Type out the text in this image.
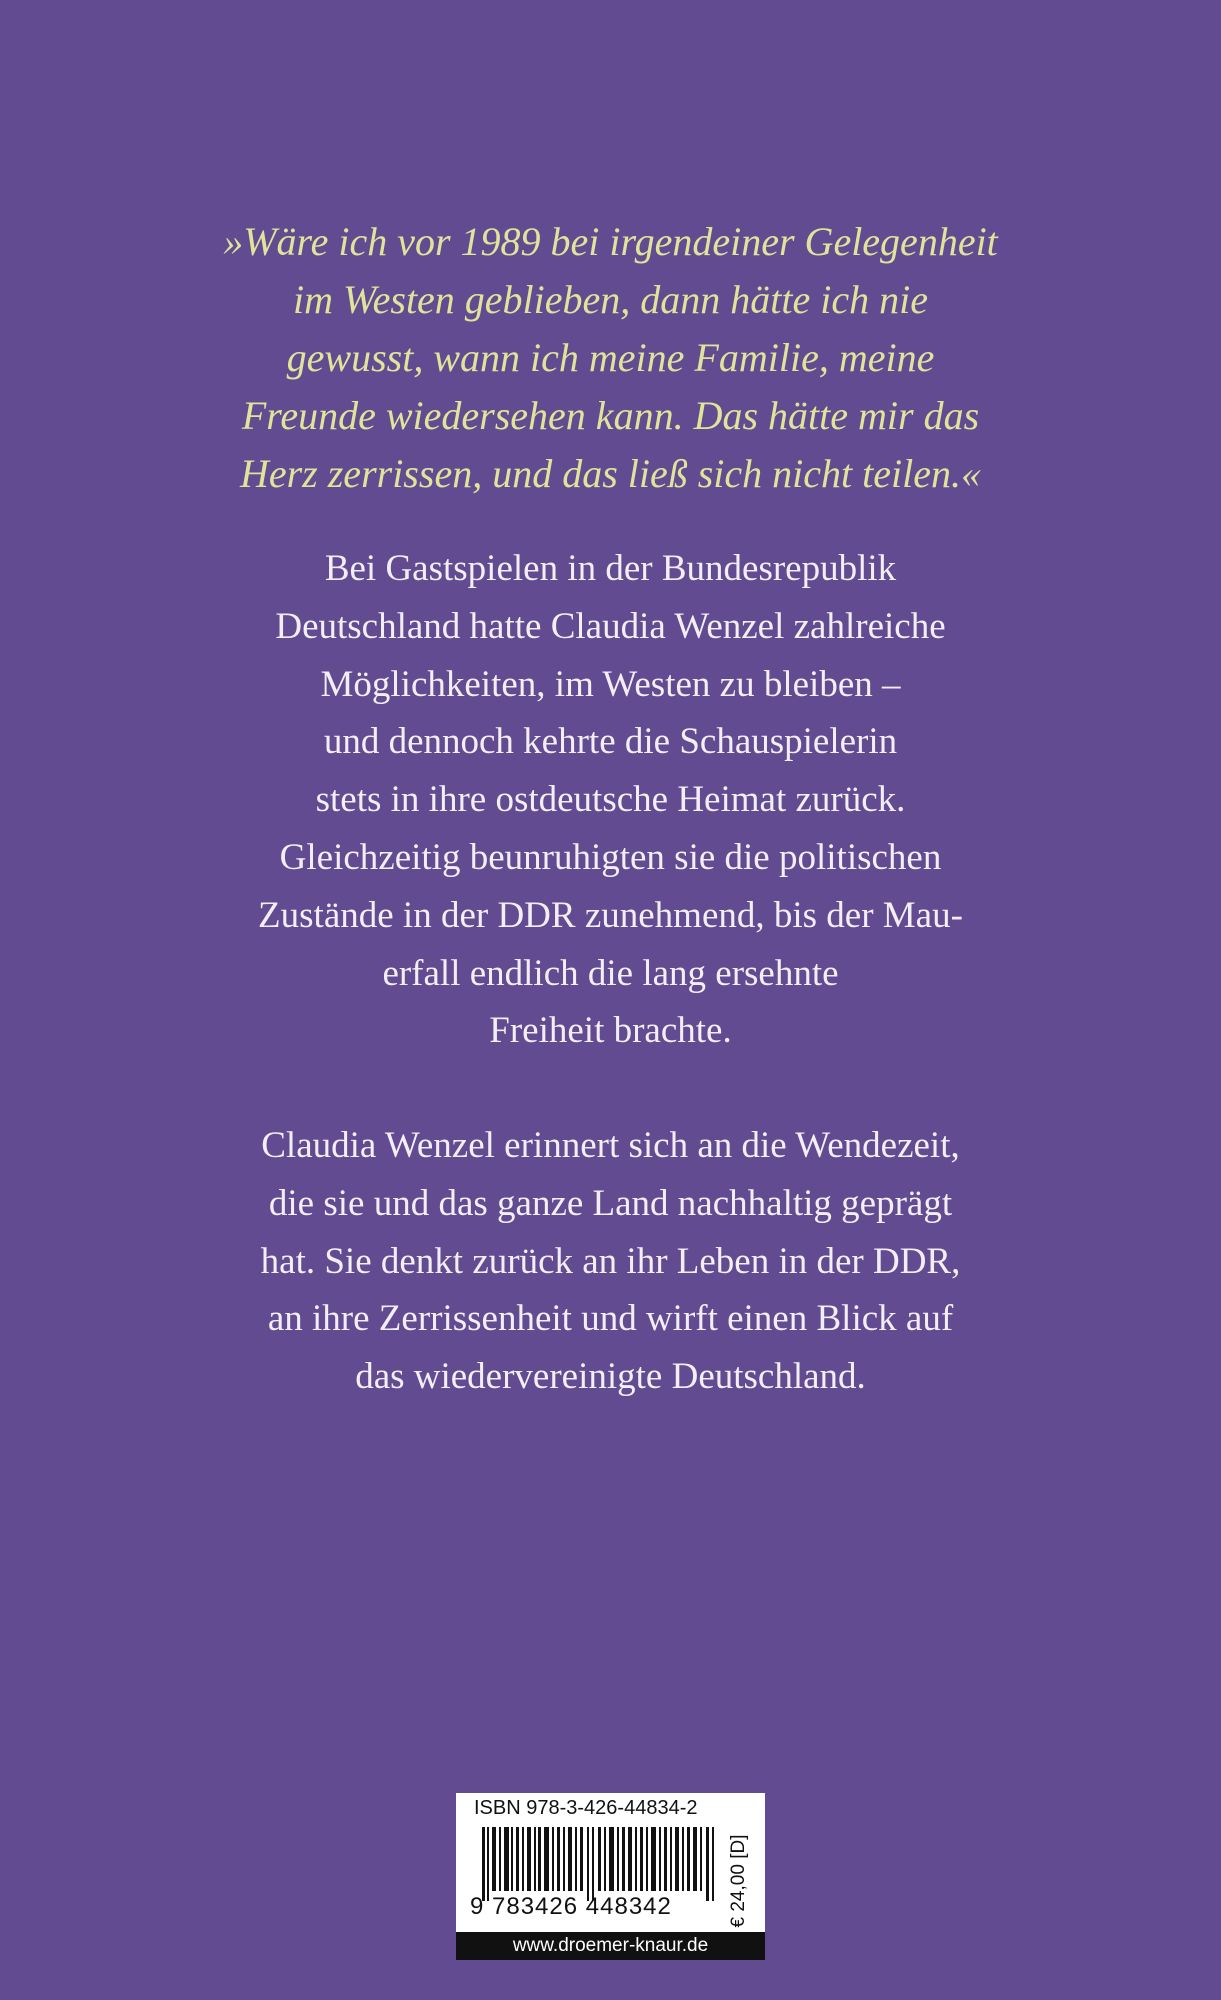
»Wäre ich vor 1989 bei irgendeiner Gelegenheit
im Westen geblieben, dann hätte ich nie
gewusst, wann ich meine Familie, meine
Freunde wiedersehen kann. Das hätte mir das
Herz zerrissen, und das ließ sich nicht teilen.«

Bei Gastspielen in der Bundesrepublik
Deutschland hatte Claudia Wenzel zahlreiche
Möglichkeiten, im Westen zu bleiben –
und dennoch kehrte die Schauspielerin
stets in ihre ostdeutsche Heimat zurück.
Gleichzeitig beunruhigten sie die politischen
Zustände in der DDR zunehmend, bis der Mau-
erfall endlich die lang ersehnte
Freiheit brachte.

Claudia Wenzel erinnert sich an die Wendezeit,
die sie und das ganze Land nachhaltig geprägt
hat. Sie denkt zurück an ihr Leben in der DDR,
an ihre Zerrissenheit und wirft einen Blick auf
das wiedervereinigte Deutschland.

ISBN 978-3-426-44834-2
9 783426 448342	€ 24,00 [D]
www.droemer-knaur.de
